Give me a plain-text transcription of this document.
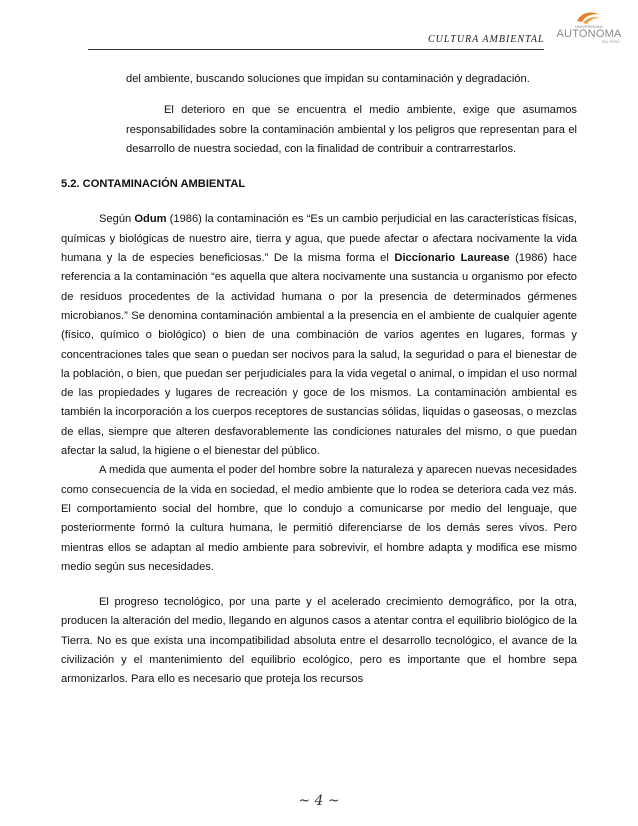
CULTURA AMBIENTAL
UNIVERSIDAD
AUTONOMA
DEL PERÚ

del ambiente, buscando soluciones que impidan su contaminación y degradación.

El deterioro en que se encuentra el medio ambiente, exige que asumamos responsabilidades sobre la contaminación ambiental y los peligros que representan para el desarrollo de nuestra sociedad, con la finalidad de contribuir a contrarrestarlos.

5.2. CONTAMINACIÓN AMBIENTAL

Según Odum (1986) la contaminación es “Es un cambio perjudicial en las características físicas, químicas y biológicas de nuestro aire, tierra y agua, que puede afectar o afectara nocivamente la vida humana y la de especies beneficiosas.” De la misma forma el Diccionario Laurease (1986) hace referencia a la contaminación “es aquella que altera nocivamente una sustancia u organismo por efecto de residuos procedentes de la actividad humana o por la presencia de determinados gérmenes microbianos.” Se denomina contaminación ambiental a la presencia en el ambiente de cualquier agente (físico, químico o biológico) o bien de una combinación de varios agentes en lugares, formas y concentraciones tales que sean o puedan ser nocivos para la salud, la seguridad o para el bienestar de la población, o bien, que puedan ser perjudiciales para la vida vegetal o animal, o impidan el uso normal de las propiedades y lugares de recreación y goce de los mismos. La contaminación ambiental es también la incorporación a los cuerpos receptores de sustancias sólidas, liquidas o gaseosas, o mezclas de ellas, siempre que alteren desfavorablemente las condiciones naturales del mismo, o que puedan afectar la salud, la higiene o el bienestar del público.

A medida que aumenta el poder del hombre sobre la naturaleza y aparecen nuevas necesidades como consecuencia de la vida en sociedad, el medio ambiente que lo rodea se deteriora cada vez más. El comportamiento social del hombre, que lo condujo a comunicarse por medio del lenguaje, que posteriormente formó la cultura humana, le permitió diferenciarse de los demás seres vivos. Pero mientras ellos se adaptan al medio ambiente para sobrevivir, el hombre adapta y modifica ese mismo medio según sus necesidades.

El progreso tecnológico, por una parte y el acelerado crecimiento demográfico, por la otra, producen la alteración del medio, llegando en algunos casos a atentar contra el equilibrio biológico de la Tierra. No es que exista una incompatibilidad absoluta entre el desarrollo tecnológico, el avance de la civilización y el mantenimiento del equilibrio ecológico, pero es importante que el hombre sepa armonizarlos. Para ello es necesario que proteja los recursos

~ 4 ~
